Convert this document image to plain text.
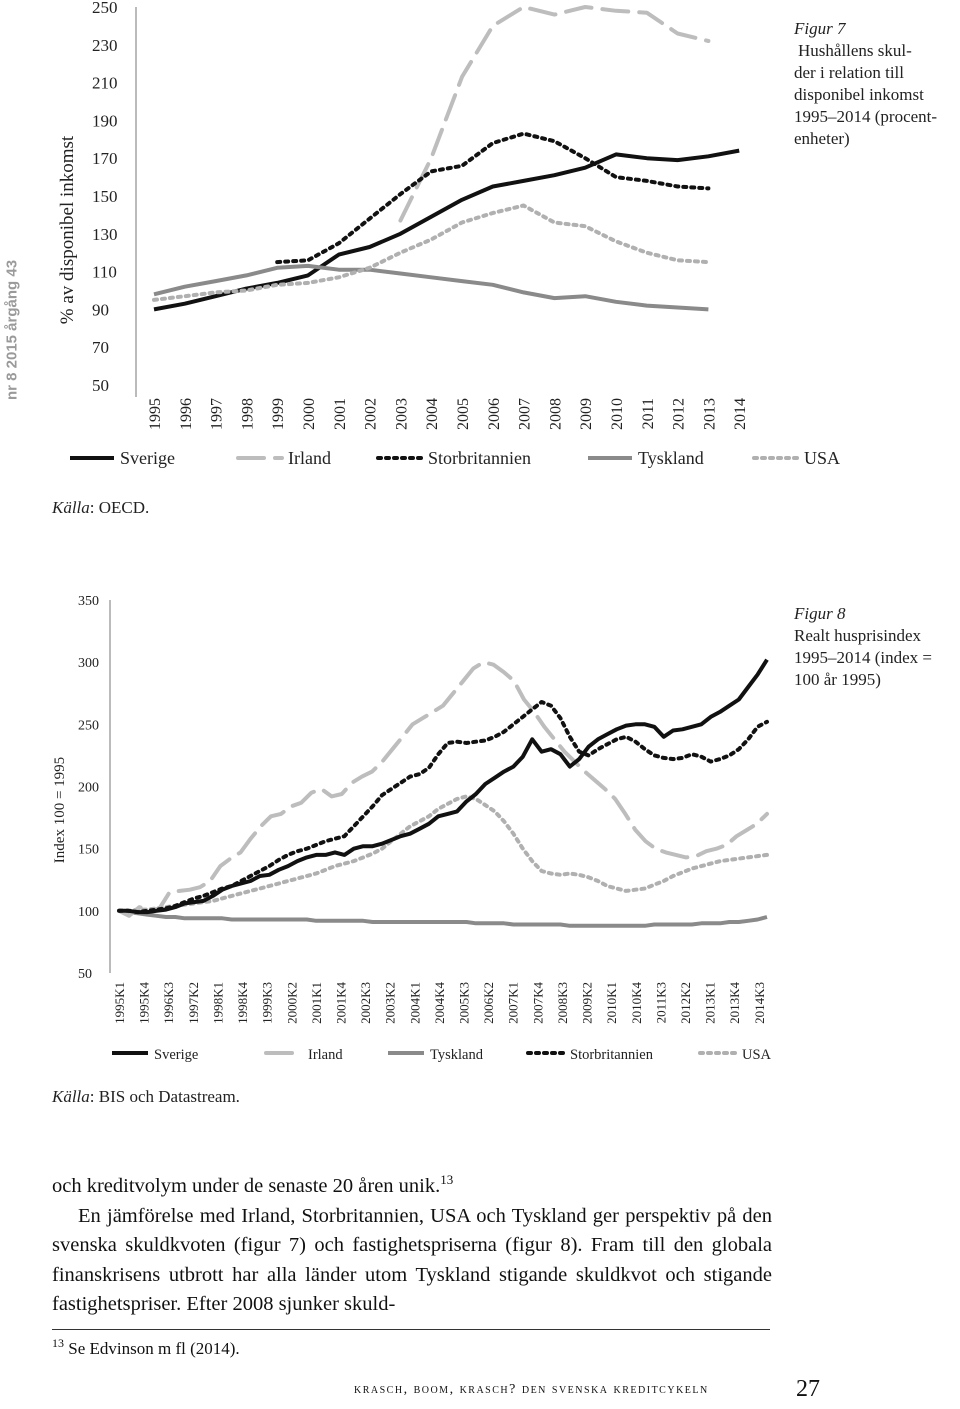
nr 8 2015 årgång 43	50
70
90
110
130
150
170
190
210
230
250
% av disponibel inkomst
1995 1996 1997 1998 1999 2000 2001 2002 2003 2004 2005 2006 2007 2008 2009 2010 2011 2012 2013 2014
Sverige	Irland	Storbritannien	Tyskland	USA
Figur 7
Hushållens skul-
der i relation till
disponibel inkomst
1995–2014 (procent-
enheter)
Källa: OECD.
50
100
150
200
250
300
350
Index 100 = 1995
1995K1 1995K4 1996K3 1997K2 1998K1 1998K4 1999K3 2000K2 2001K1 2001K4 2002K3 2003K2 2004K1 2004K4 2005K3 2006K2 2007K1 2007K4 2008K3 2009K2 2010K1 2010K4 2011K3 2012K2 2013K1 2013K4 2014K3
Sverige	Irland	Tyskland	Storbritannien	USA
Figur 8
Realt husprisindex
1995–2014 (index =
100 år 1995)
Källa: BIS och Datastream.

och kreditvolym under de senaste 20 åren unik.$^{13}$

En jämförelse med Irland, Storbritannien, USA och Tyskland ger perspektiv på den svenska skuldkvoten (figur 7) och fastighetspriserna (figur 8). Fram till den globala finanskrisens utbrott har alla länder utom Tyskland stigande skuldkvot och stigande fastighetspriser. Efter 2008 sjunker skuld-

$^{13}$ Se Edvinson m fl (2014).
krasch, boom, krasch? den svenska kreditcykeln	27
